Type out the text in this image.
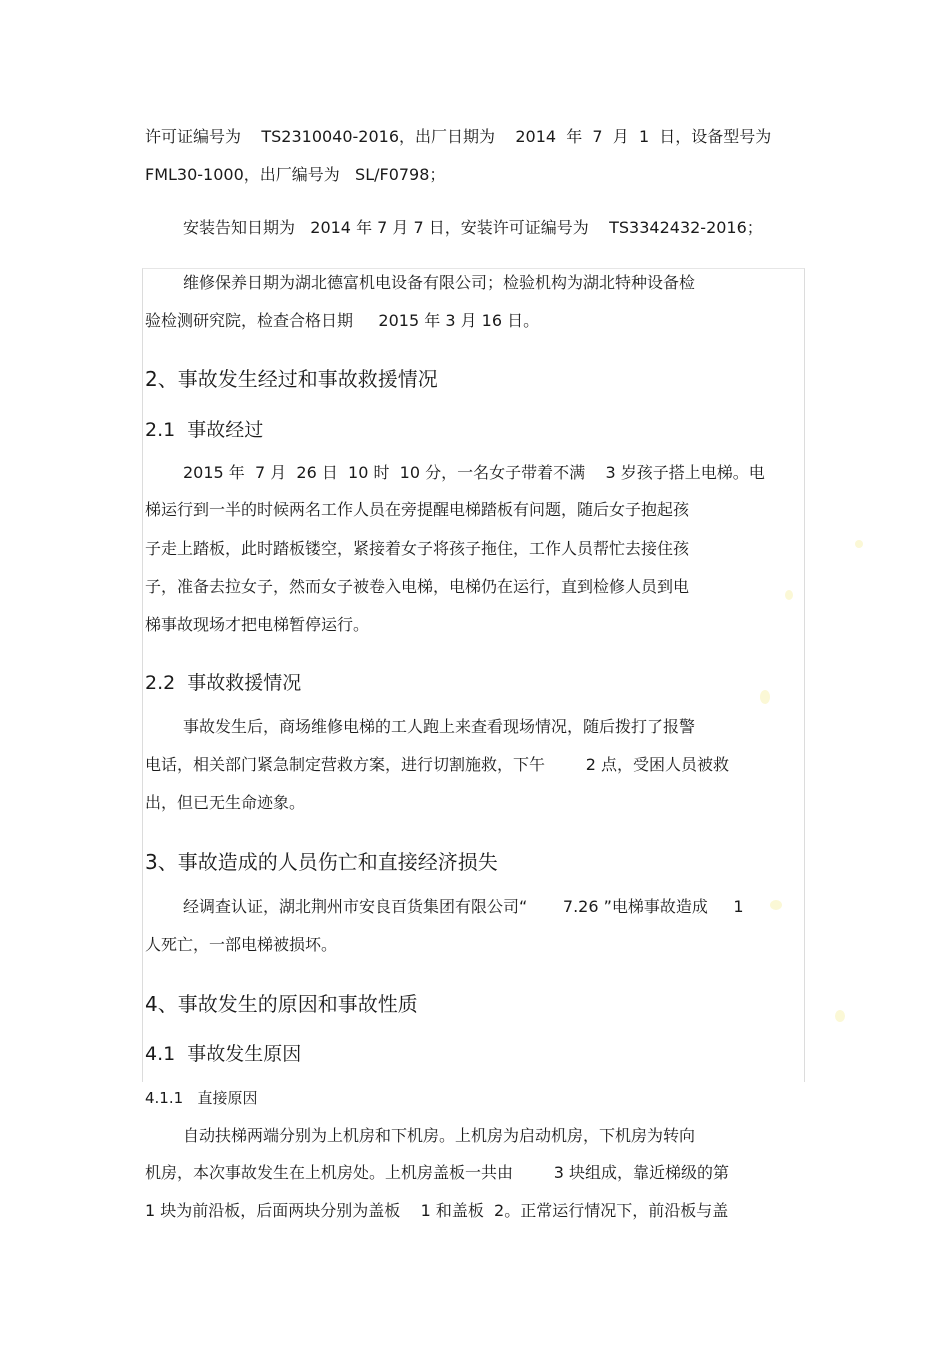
许可证编号为    TS2310040-2016，出厂日期为    2014  年  7  月  1  日，设备型号为

FML30-1000，出厂编号为   SL/F0798；

安装告知日期为   2014 年 7 月 7 日，安装许可证编号为    TS3342432-2016；

维修保养日期为湖北德富机电设备有限公司；检验机构为湖北特种设备检

验检测研究院，检查合格日期     2015 年 3 月 16 日。

2、事故发生经过和事故救援情况

2.1  事故经过

2015 年  7 月  26 日  10 时  10 分，一名女子带着不满    3 岁孩子搭上电梯。电

梯运行到一半的时候两名工作人员在旁提醒电梯踏板有问题，随后女子抱起孩

子走上踏板，此时踏板镂空，紧接着女子将孩子拖住，工作人员帮忙去接住孩

子，准备去拉女子，然而女子被卷入电梯，电梯仍在运行，直到检修人员到电

梯事故现场才把电梯暂停运行。

2.2  事故救援情况

事故发生后，商场维修电梯的工人跑上来查看现场情况，随后拨打了报警

电话，相关部门紧急制定营救方案，进行切割施救，下午        2 点，受困人员被救

出，但已无生命迹象。

3、事故造成的人员伤亡和直接经济损失

经调查认证，湖北荆州市安良百货集团有限公司“       7.26 ”电梯事故造成     1

人死亡，一部电梯被损坏。

4、事故发生的原因和事故性质

4.1  事故发生原因

4.1.1   直接原因

自动扶梯两端分别为上机房和下机房。上机房为启动机房，下机房为转向

机房，本次事故发生在上机房处。上机房盖板一共由        3 块组成，靠近梯级的第

1 块为前沿板，后面两块分别为盖板    1 和盖板  2。正常运行情况下，前沿板与盖
